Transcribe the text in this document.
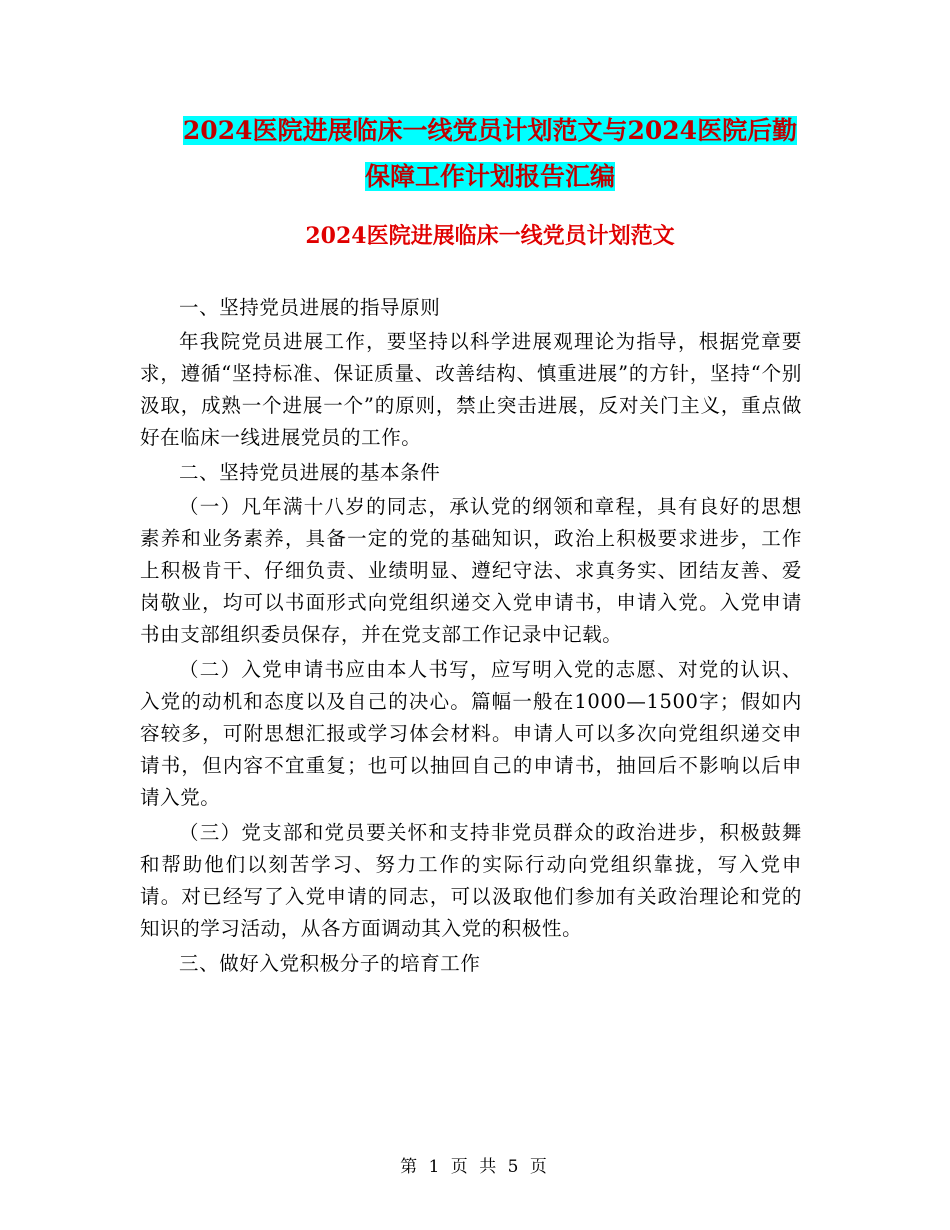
2024医院进展临床一线党员计划范文与2024医院后勤
保障工作计划报告汇编
2024医院进展临床一线党员计划范文

一、坚持党员进展的指导原则

年我院党员进展工作，要坚持以科学进展观理论为指导，根据党章要求，遵循“坚持标准、保证质量、改善结构、慎重进展”的方针，坚持“个别汲取，成熟一个进展一个”的原则，禁止突击进展，反对关门主义，重点做好在临床一线进展党员的工作。

二、坚持党员进展的基本条件

（一）凡年满十八岁的同志，承认党的纲领和章程，具有良好的思想素养和业务素养，具备一定的党的基础知识，政治上积极要求进步，工作上积极肯干、仔细负责、业绩明显、遵纪守法、求真务实、团结友善、爱岗敬业，均可以书面形式向党组织递交入党申请书，申请入党。入党申请书由支部组织委员保存，并在党支部工作记录中记载。

（二）入党申请书应由本人书写，应写明入党的志愿、对党的认识、入党的动机和态度以及自己的决心。篇幅一般在1000—1500字；假如内容较多，可附思想汇报或学习体会材料。申请人可以多次向党组织递交申请书，但内容不宜重复；也可以抽回自己的申请书，抽回后不影响以后申请入党。

（三）党支部和党员要关怀和支持非党员群众的政治进步，积极鼓舞和帮助他们以刻苦学习、努力工作的实际行动向党组织靠拢，写入党申请。对已经写了入党申请的同志，可以汲取他们参加有关政治理论和党的知识的学习活动，从各方面调动其入党的积极性。

三、做好入党积极分子的培育工作

第 1 页 共 5 页
